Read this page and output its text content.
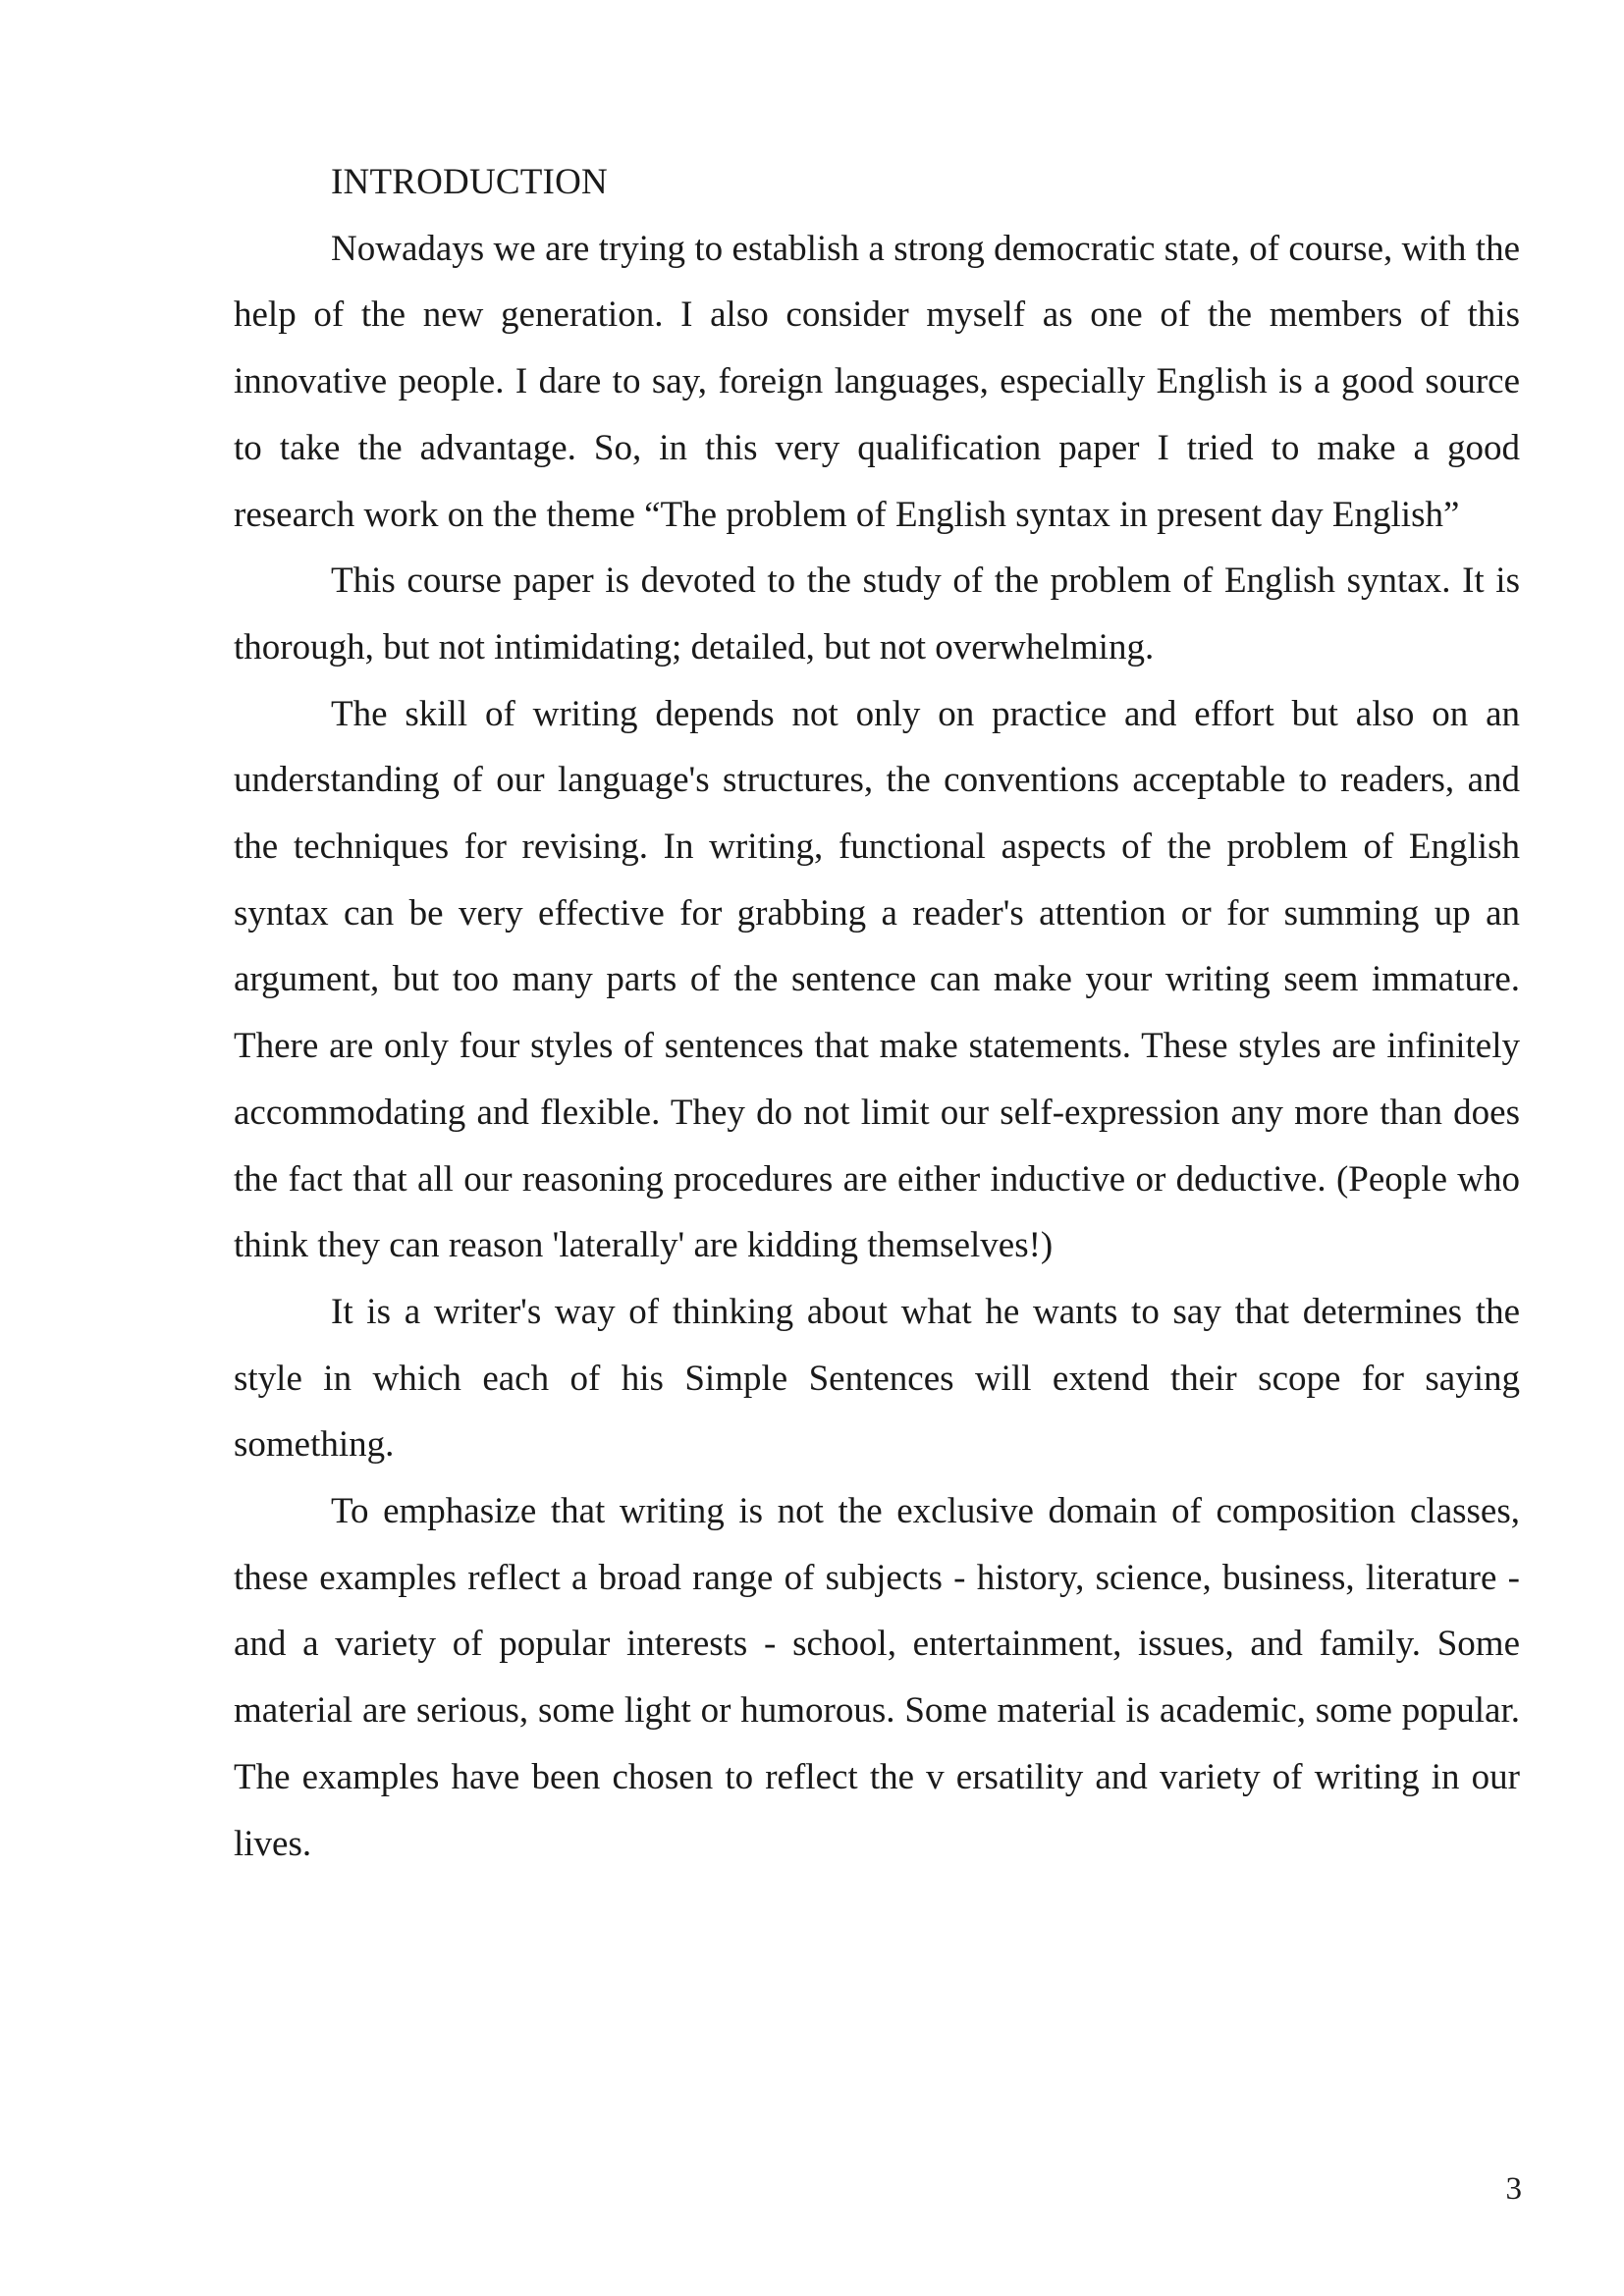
INTRODUCTION

Nowadays we are trying to establish a strong democratic state, of course, with the help of the new generation. I also consider myself as one of the members of this innovative people. I dare to say, foreign languages, especially English is a good source to take the advantage. So, in this very qualification paper I tried to make a good research work on the theme “The problem of English syntax in present day English”

This course paper is devoted to the study of the problem of English syntax. It is thorough, but not intimidating; detailed, but not overwhelming.

The skill of writing depends not only on practice and effort but also on an understanding of our language's structures, the conventions acceptable to readers, and the techniques for revising. In writing, functional aspects of the problem of English syntax can be very effective for grabbing a reader's attention or for summing up an argument, but too many parts of the sentence can make your writing seem immature. There are only four styles of sentences that make statements. These styles are infinitely accommodating and flexible. They do not limit our self-expression any more than does the fact that all our reasoning procedures are either inductive or deductive. (People who think they can reason 'laterally' are kidding themselves!)

It is a writer's way of thinking about what he wants to say that determines the style in which each of his Simple Sentences will extend their scope for saying something.

To emphasize that writing is not the exclusive domain of composition classes, these examples reflect a broad range of subjects - history, science, business, literature - and a variety of popular interests - school, entertainment, issues, and family. Some material are serious, some light or humorous. Some material is academic, some popular. The examples have been chosen to reflect the v ersatility and variety of writing in our lives.

3
